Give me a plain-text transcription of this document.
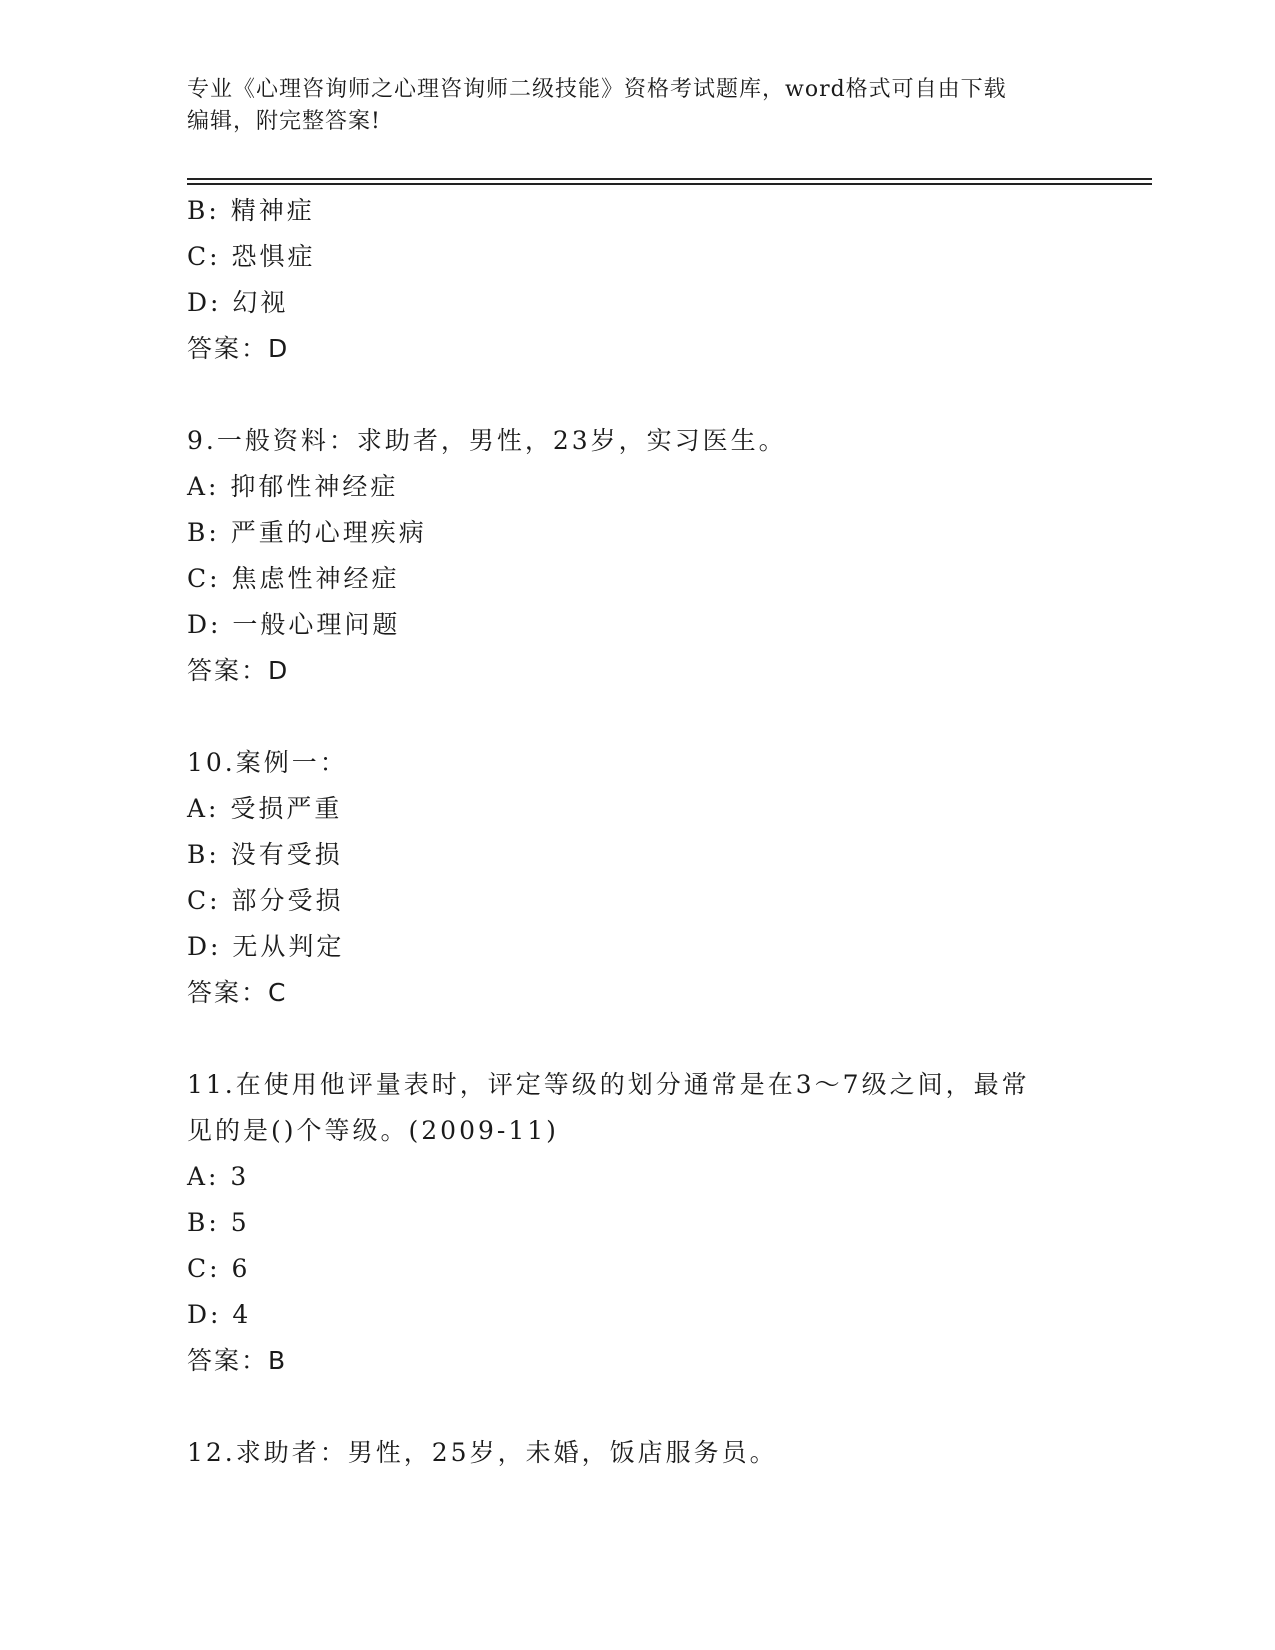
专业《心理咨询师之心理咨询师二级技能》资格考试题库，word格式可自由下载
编辑，附完整答案!
B: 精神症
C: 恐惧症
D: 幻视
答案：D
9.一般资料：求助者，男性，23岁，实习医生。
A: 抑郁性神经症
B: 严重的心理疾病
C: 焦虑性神经症
D: 一般心理问题
答案：D
10.案例一：
A: 受损严重
B: 没有受损
C: 部分受损
D: 无从判定
答案：C
11.在使用他评量表时，评定等级的划分通常是在3～7级之间，最常
见的是()个等级。(2009-11)
A: 3
B: 5
C: 6
D: 4
答案：B
12.求助者：男性，25岁，未婚，饭店服务员。
